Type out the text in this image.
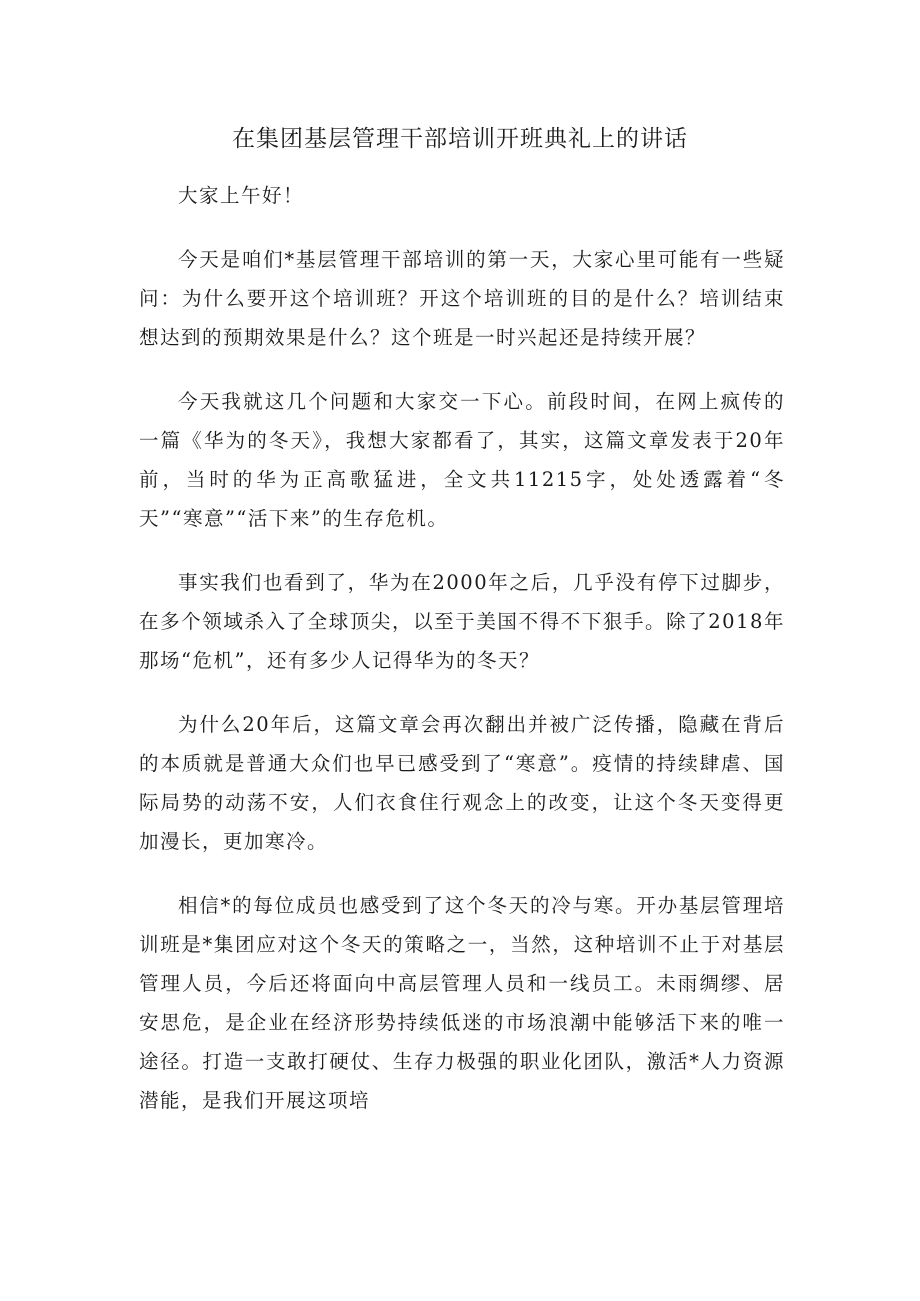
在集团基层管理干部培训开班典礼上的讲话

大家上午好！

今天是咱们*基层管理干部培训的第一天，大家心里可能有一些疑问：为什么要开这个培训班？开这个培训班的目的是什么？培训结束想达到的预期效果是什么？这个班是一时兴起还是持续开展？

今天我就这几个问题和大家交一下心。前段时间，在网上疯传的一篇《华为的冬天》，我想大家都看了，其实，这篇文章发表于20年前，当时的华为正高歌猛进，全文共11215字，处处透露着“冬天”“寒意”“活下来”的生存危机。

事实我们也看到了，华为在2000年之后，几乎没有停下过脚步，在多个领域杀入了全球顶尖，以至于美国不得不下狠手。除了2018年那场“危机”，还有多少人记得华为的冬天？

为什么20年后，这篇文章会再次翻出并被广泛传播，隐藏在背后的本质就是普通大众们也早已感受到了“寒意”。疫情的持续肆虐、国际局势的动荡不安，人们衣食住行观念上的改变，让这个冬天变得更加漫长，更加寒冷。

相信*的每位成员也感受到了这个冬天的冷与寒。开办基层管理培训班是*集团应对这个冬天的策略之一，当然，这种培训不止于对基层管理人员，今后还将面向中高层管理人员和一线员工。未雨绸缪、居安思危，是企业在经济形势持续低迷的市场浪潮中能够活下来的唯一途径。打造一支敢打硬仗、生存力极强的职业化团队，激活*人力资源潜能，是我们开展这项培
